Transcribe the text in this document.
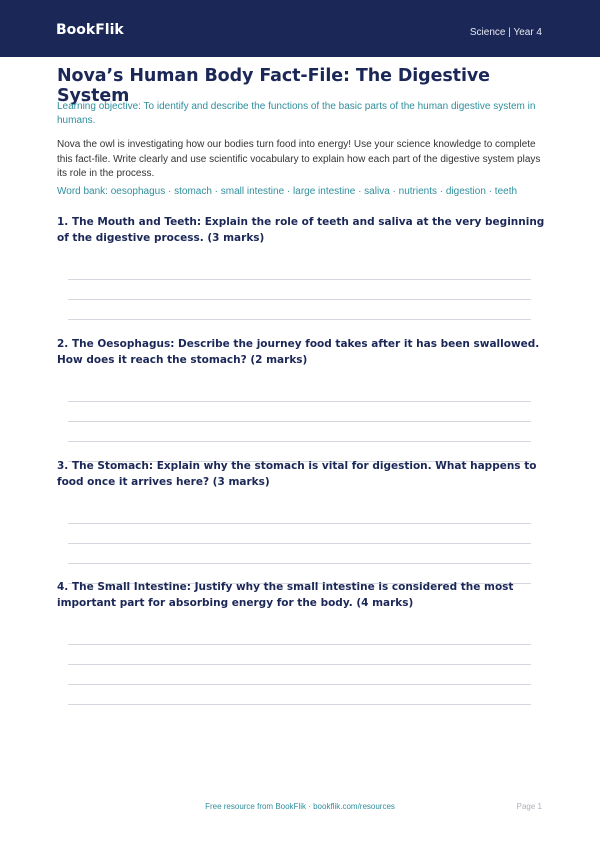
BookFlik	Science | Year 4
Nova’s Human Body Fact-File: The Digestive System
Learning objective: To identify and describe the functions of the basic parts of the human digestive system in humans.
Nova the owl is investigating how our bodies turn food into energy! Use your science knowledge to complete this fact-file. Write clearly and use scientific vocabulary to explain how each part of the digestive system plays its role in the process.
Word bank: oesophagus · stomach · small intestine · large intestine · saliva · nutrients · digestion · teeth
1. The Mouth and Teeth: Explain the role of teeth and saliva at the very beginning of the digestive process. (3 marks)
2. The Oesophagus: Describe the journey food takes after it has been swallowed. How does it reach the stomach? (2 marks)
3. The Stomach: Explain why the stomach is vital for digestion. What happens to food once it arrives here? (3 marks)
4. The Small Intestine: Justify why the small intestine is considered the most important part for absorbing energy for the body. (4 marks)
Free resource from BookFlik · bookflik.com/resources	Page 1
